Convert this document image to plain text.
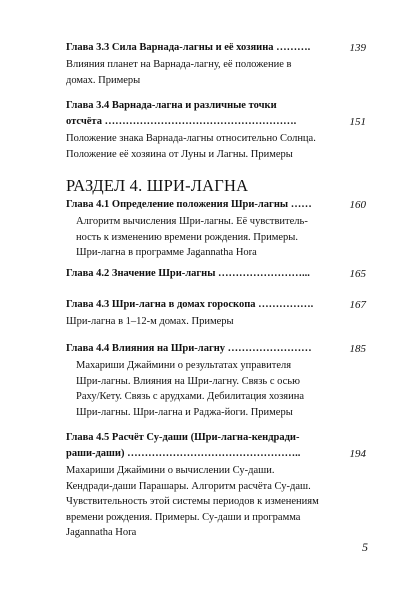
Глава 3.3 Сила Варнада-лагны и её хозяина ……….	139
Влияния планет на Варнада-лагну, её положение в
домах. Примеры
Глава 3.4 Варнада-лагна и различные точки
отсчёта ……………………………………………….	151
Положение знака Варнада-лагны относительно Солнца.
Положение её хозяина от Луны и Лагны. Примеры
РАЗДЕЛ 4. ШРИ-ЛАГНА
Глава 4.1 Определение положения Шри-лагны ……	160
Алгоритм вычисления Шри-лагны. Её чувствитель-
ность к изменению времени рождения. Примеры.
Шри-лагна в программе Jagannatha Hora
Глава 4.2 Значение Шри-лагны ……………………...	165
Глава 4.3 Шри-лагна в домах гороскопа …………….	167
Шри-лагна в 1–12-м домах. Примеры
Глава 4.4 Влияния на Шри-лагну ……………………	185
Махариши Джаймини о результатах управителя
Шри-лагны. Влияния на Шри-лагну. Связь с осью
Раху/Кету. Связь с арудхами. Дебилитация хозяина
Шри-лагны. Шри-лагна и Раджа-йоги. Примеры
Глава 4.5 Расчёт Су-даши (Шри-лагна-кендради-
раши-даши) …………………………………………..	194
Махариши Джаймини о вычислении Су-даши.
Кендради-даши Парашары. Алгоритм расчёта Су-даш.
Чувствительность этой системы периодов к изменениям
времени рождения. Примеры. Су-даши и программа
Jagannatha Hora
5
